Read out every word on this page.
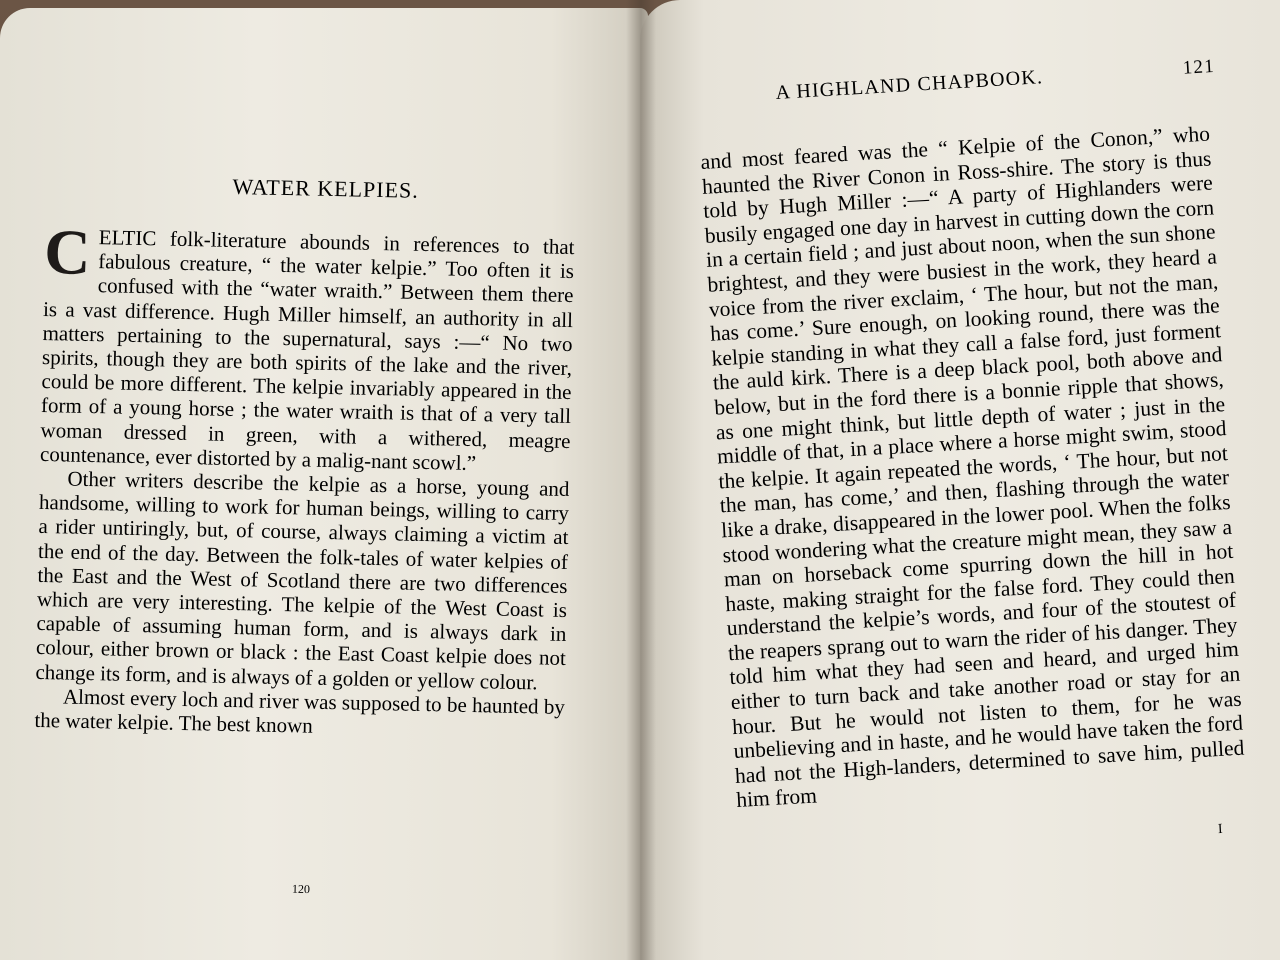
WATER KELPIES.

CELTIC folk-literature abounds in references to that fabulous creature, “ the water kelpie.” Too often it is confused with the “water wraith.” Between them there is a vast difference. Hugh Miller himself, an authority in all matters pertaining to the supernatural, says :—“ No two spirits, though they are both spirits of the lake and the river, could be more different. The kelpie invariably appeared in the form of a young horse ; the water wraith is that of a very tall woman dressed in green, with a withered, meagre countenance, ever distorted by a malig-nant scowl.”

Other writers describe the kelpie as a horse, young and handsome, willing to work for human beings, willing to carry a rider untiringly, but, of course, always claiming a victim at the end of the day. Between the folk-tales of water kelpies of the East and the West of Scotland there are two differences which are very interesting. The kelpie of the West Coast is capable of assuming human form, and is always dark in colour, either brown or black : the East Coast kelpie does not change its form, and is always of a golden or yellow colour.

Almost every loch and river was supposed to be haunted by the water kelpie. The best known

120
A HIGHLAND CHAPBOOK.	121

and most feared was the “ Kelpie of the Conon,” who haunted the River Conon in Ross-shire. The story is thus told by Hugh Miller :—“ A party of Highlanders were busily engaged one day in harvest in cutting down the corn in a certain field ; and just about noon, when the sun shone brightest, and they were busiest in the work, they heard a voice from the river exclaim, ‘ The hour, but not the man, has come.’ Sure enough, on looking round, there was the kelpie standing in what they call a false ford, just forment the auld kirk. There is a deep black pool, both above and below, but in the ford there is a bonnie ripple that shows, as one might think, but little depth of water ; just in the middle of that, in a place where a horse might swim, stood the kelpie. It again repeated the words, ‘ The hour, but not the man, has come,’ and then, flashing through the water like a drake, disappeared in the lower pool. When the folks stood wondering what the creature might mean, they saw a man on horseback come spurring down the hill in hot haste, making straight for the false ford. They could then understand the kelpie’s words, and four of the stoutest of the reapers sprang out to warn the rider of his danger. They told him what they had seen and heard, and urged him either to turn back and take another road or stay for an hour. But he would not listen to them, for he was unbelieving and in haste, and he would have taken the ford had not the High-landers, determined to save him, pulled him from

I
